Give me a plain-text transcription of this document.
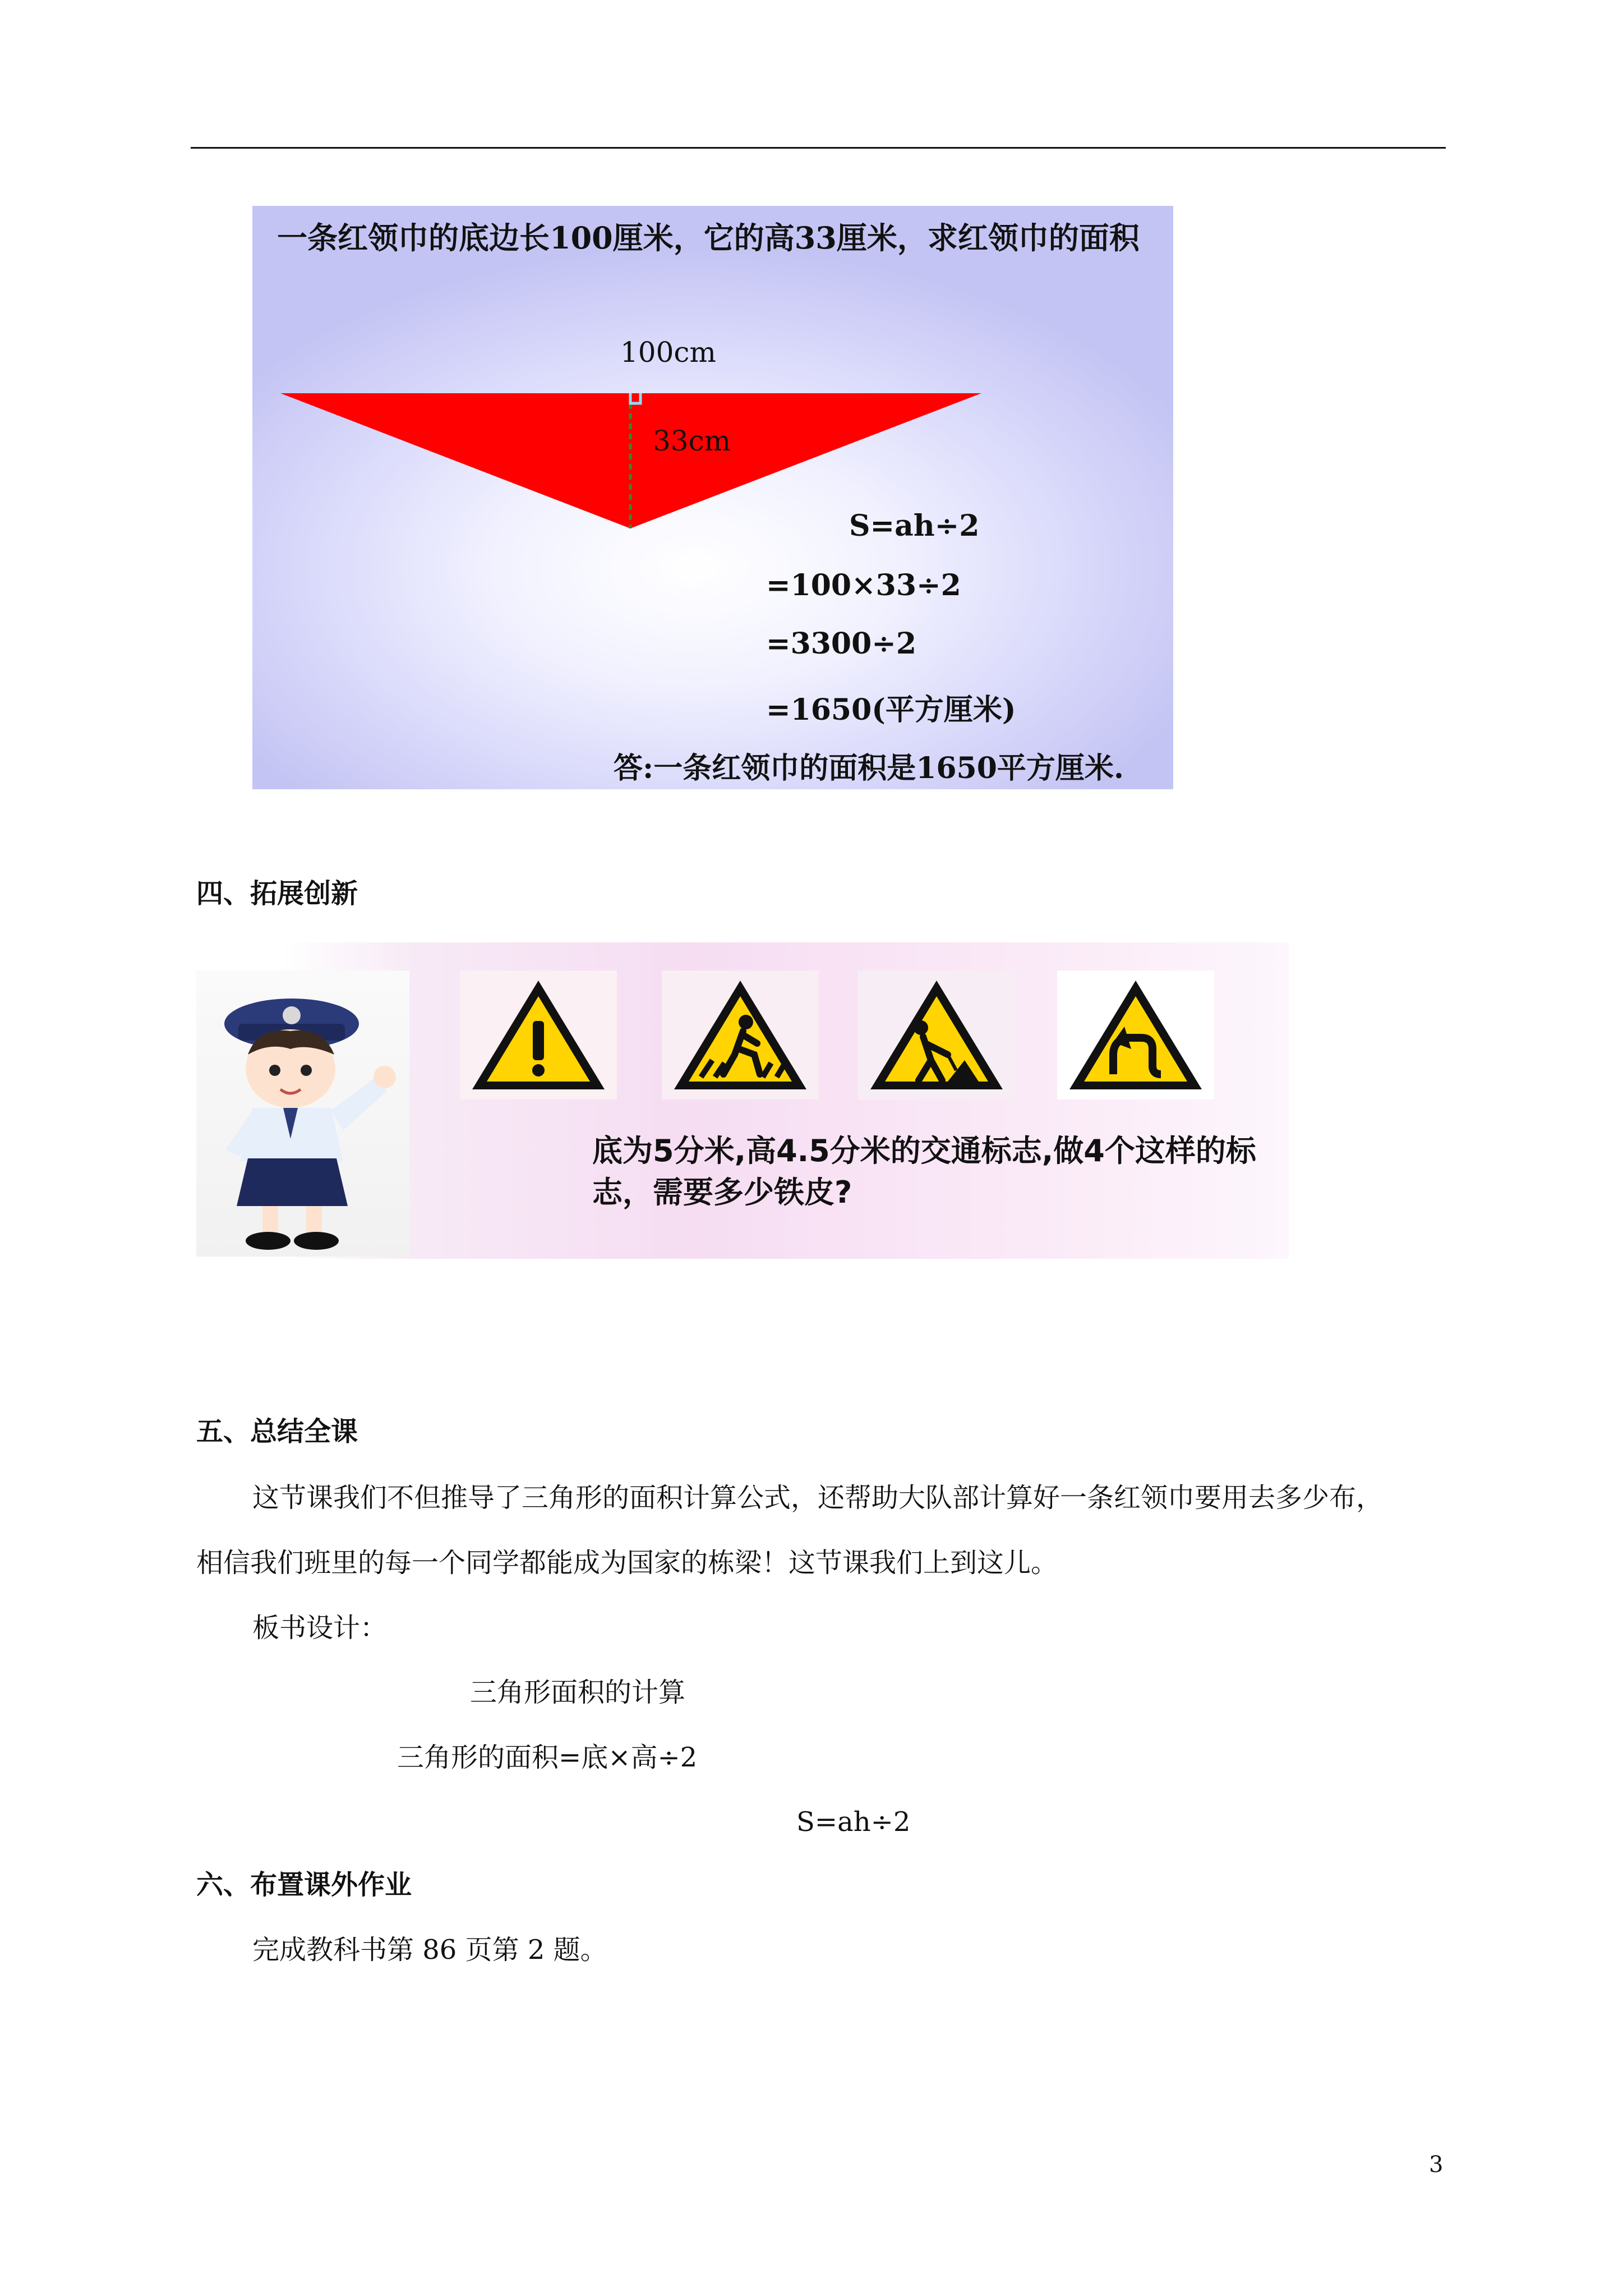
一条红领巾的底边长100厘米，它的高33厘米，求红领巾的面积
100cm
33cm
S=ah÷2
=100×33÷2
=3300÷2
=1650(平方厘米)
答:一条红领巾的面积是1650平方厘米.
四、拓展创新
底为5分米,高4.5分米的交通标志,做4个这样的标志，需要多少铁皮?
五、总结全课
这节课我们不但推导了三角形的面积计算公式，还帮助大队部计算好一条红领巾要用去多少布，
相信我们班里的每一个同学都能成为国家的栋梁！这节课我们上到这儿。
板书设计：
三角形面积的计算
三角形的面积=底×高÷2
S=ah÷2
六、布置课外作业
完成教科书第 86 页第 2 题。
3
